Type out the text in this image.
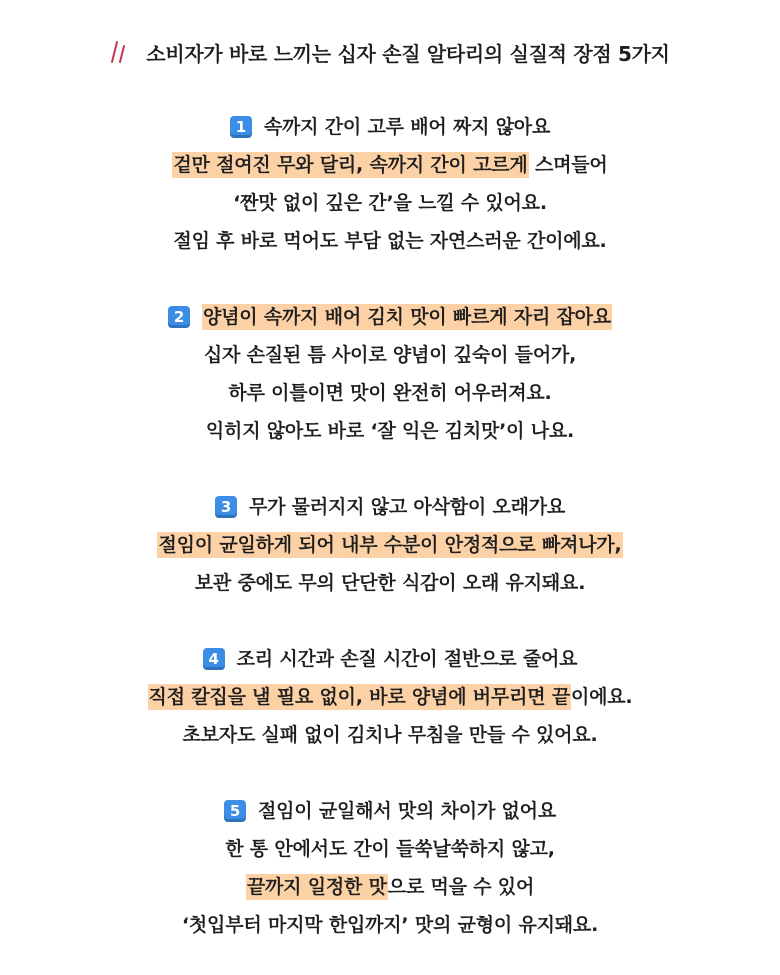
소비자가 바로 느끼는 십자 손질 알타리의 실질적 장점 5가지
1 속까지 간이 고루 배어 짜지 않아요
겉만 절여진 무와 달리, 속까지 간이 고르게 스며들어
‘짠맛 없이 깊은 간’을 느낄 수 있어요.
절임 후 바로 먹어도 부담 없는 자연스러운 간이에요.
2 양념이 속까지 배어 김치 맛이 빠르게 자리 잡아요
십자 손질된 틈 사이로 양념이 깊숙이 들어가,
하루 이틀이면 맛이 완전히 어우러져요.
익히지 않아도 바로 ‘잘 익은 김치맛’이 나요.
3 무가 물러지지 않고 아삭함이 오래가요
절임이 균일하게 되어 내부 수분이 안정적으로 빠져나가,
보관 중에도 무의 단단한 식감이 오래 유지돼요.
4 조리 시간과 손질 시간이 절반으로 줄어요
직접 칼집을 낼 필요 없이, 바로 양념에 버무리면 끝이에요.
초보자도 실패 없이 김치나 무침을 만들 수 있어요.
5 절임이 균일해서 맛의 차이가 없어요
한 통 안에서도 간이 들쑥날쑥하지 않고,
끝까지 일정한 맛으로 먹을 수 있어
‘첫입부터 마지막 한입까지’ 맛의 균형이 유지돼요.
